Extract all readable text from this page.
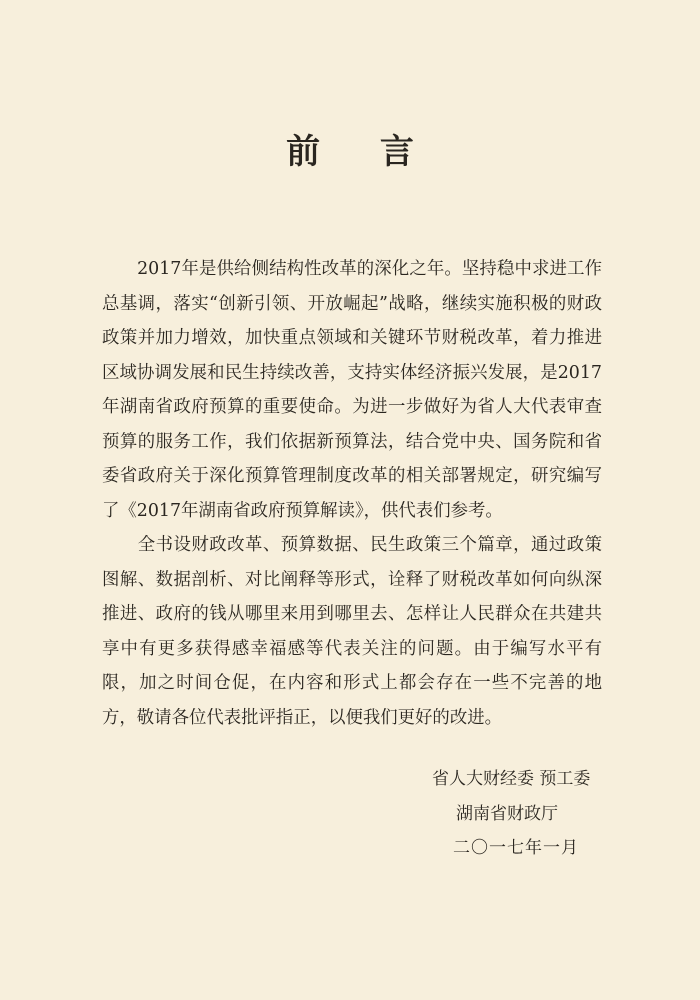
前 言

　　2017年是供给侧结构性改革的深化之年。坚持稳中求进工作总基调，落实“创新引领、开放崛起”战略，继续实施积极的财政政策并加力增效，加快重点领域和关键环节财税改革，着力推进区域协调发展和民生持续改善，支持实体经济振兴发展，是2017年湖南省政府预算的重要使命。为进一步做好为省人大代表审查预算的服务工作，我们依据新预算法，结合党中央、国务院和省委省政府关于深化预算管理制度改革的相关部署规定，研究编写了《2017年湖南省政府预算解读》，供代表们参考。

　　全书设财政改革、预算数据、民生政策三个篇章，通过政策图解、数据剖析、对比阐释等形式，诠释了财税改革如何向纵深推进、政府的钱从哪里来用到哪里去、怎样让人民群众在共建共享中有更多获得感幸福感等代表关注的问题。由于编写水平有限，加之时间仓促，在内容和形式上都会存在一些不完善的地方，敬请各位代表批评指正，以便我们更好的改进。

省人大财经委 预工委
湖南省财政厅
二〇一七年一月
